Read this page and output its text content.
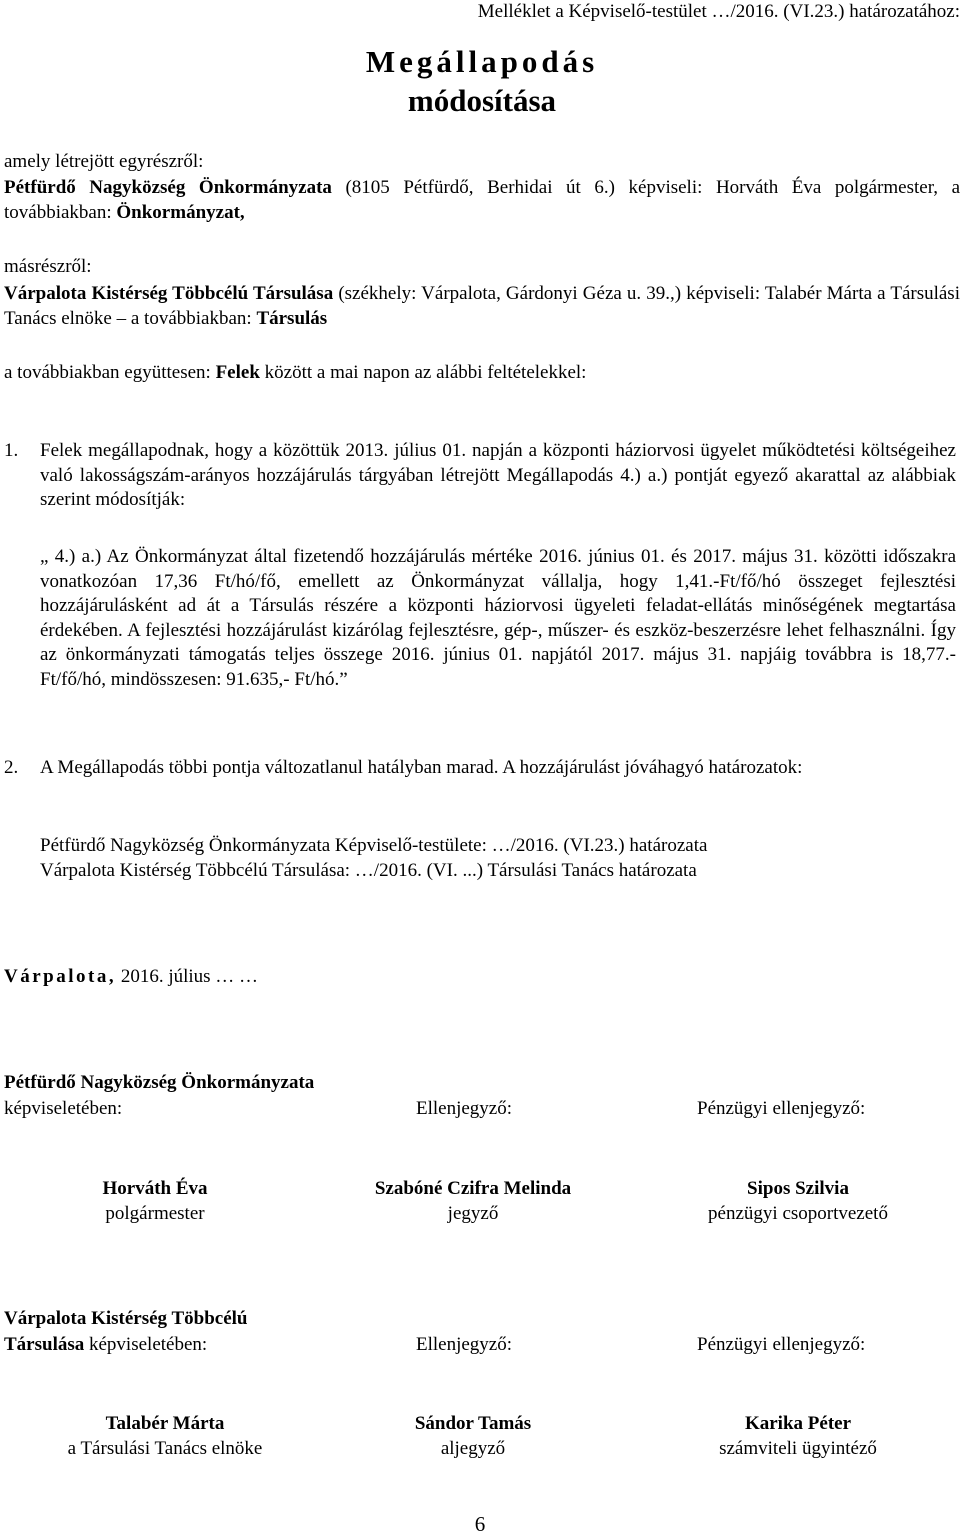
Melléklet a Képviselő-testület …/2016. (VI.23.) határozatához:
Megállapodás
módosítása
amely létrejött egyrészről:
Pétfürdő Nagyközség Önkormányzata (8105 Pétfürdő, Berhidai út 6.) képviseli: Horváth Éva polgármester, a továbbiakban: Önkormányzat,
másrészről:
Várpalota Kistérség Többcélú Társulása (székhely: Várpalota, Gárdonyi Géza u. 39.,) képviseli: Talabér Márta a Társulási Tanács elnöke – a továbbiakban: Társulás
a továbbiakban együttesen: Felek között a mai napon az alábbi feltételekkel:
1. Felek megállapodnak, hogy a közöttük 2013. július 01. napján a központi háziorvosi ügyelet működtetési költségeihez való lakosságszám-arányos hozzájárulás tárgyában létrejött Megállapodás 4.) a.) pontját egyező akarattal az alábbiak szerint módosítják:
„ 4.) a.) Az Önkormányzat által fizetendő hozzájárulás mértéke 2016. június 01. és 2017. május 31. közötti időszakra vonatkozóan 17,36 Ft/hó/fő, emellett az Önkormányzat vállalja, hogy 1,41.-Ft/fő/hó összeget fejlesztési hozzájárulásként ad át a Társulás részére a központi háziorvosi ügyeleti feladat-ellátás minőségének megtartása érdekében. A fejlesztési hozzájárulást kizárólag fejlesztésre, gép-, műszer- és eszköz-beszerzésre lehet felhasználni. Így az önkormányzati támogatás teljes összege 2016. június 01. napjától 2017. május 31. napjáig továbbra is 18,77.-Ft/fő/hó, mindösszesen: 91.635,- Ft/hó.”
2. A Megállapodás többi pontja változatlanul hatályban marad. A hozzájárulást jóváhagyó határozatok:
Pétfürdő Nagyközség Önkormányzata Képviselő-testülete: …/2016. (VI.23.) határozata
Várpalota Kistérség Többcélú Társulása: …/2016. (VI. ...) Társulási Tanács határozata
Várpalota, 2016. július … …
Pétfürdő Nagyközség Önkormányzata
képviseletében:	Ellenjegyző:	Pénzügyi ellenjegyző:
Horváth Éva	Szabóné Czifra Melinda	Sipos Szilvia
polgármester	jegyző	pénzügyi csoportvezető
Várpalota Kistérség Többcélú
Társulása képviseletében:	Ellenjegyző:	Pénzügyi ellenjegyző:
Talabér Márta	Sándor Tamás	Karika Péter
a Társulási Tanács elnöke	aljegyző	számviteli ügyintéző
6
